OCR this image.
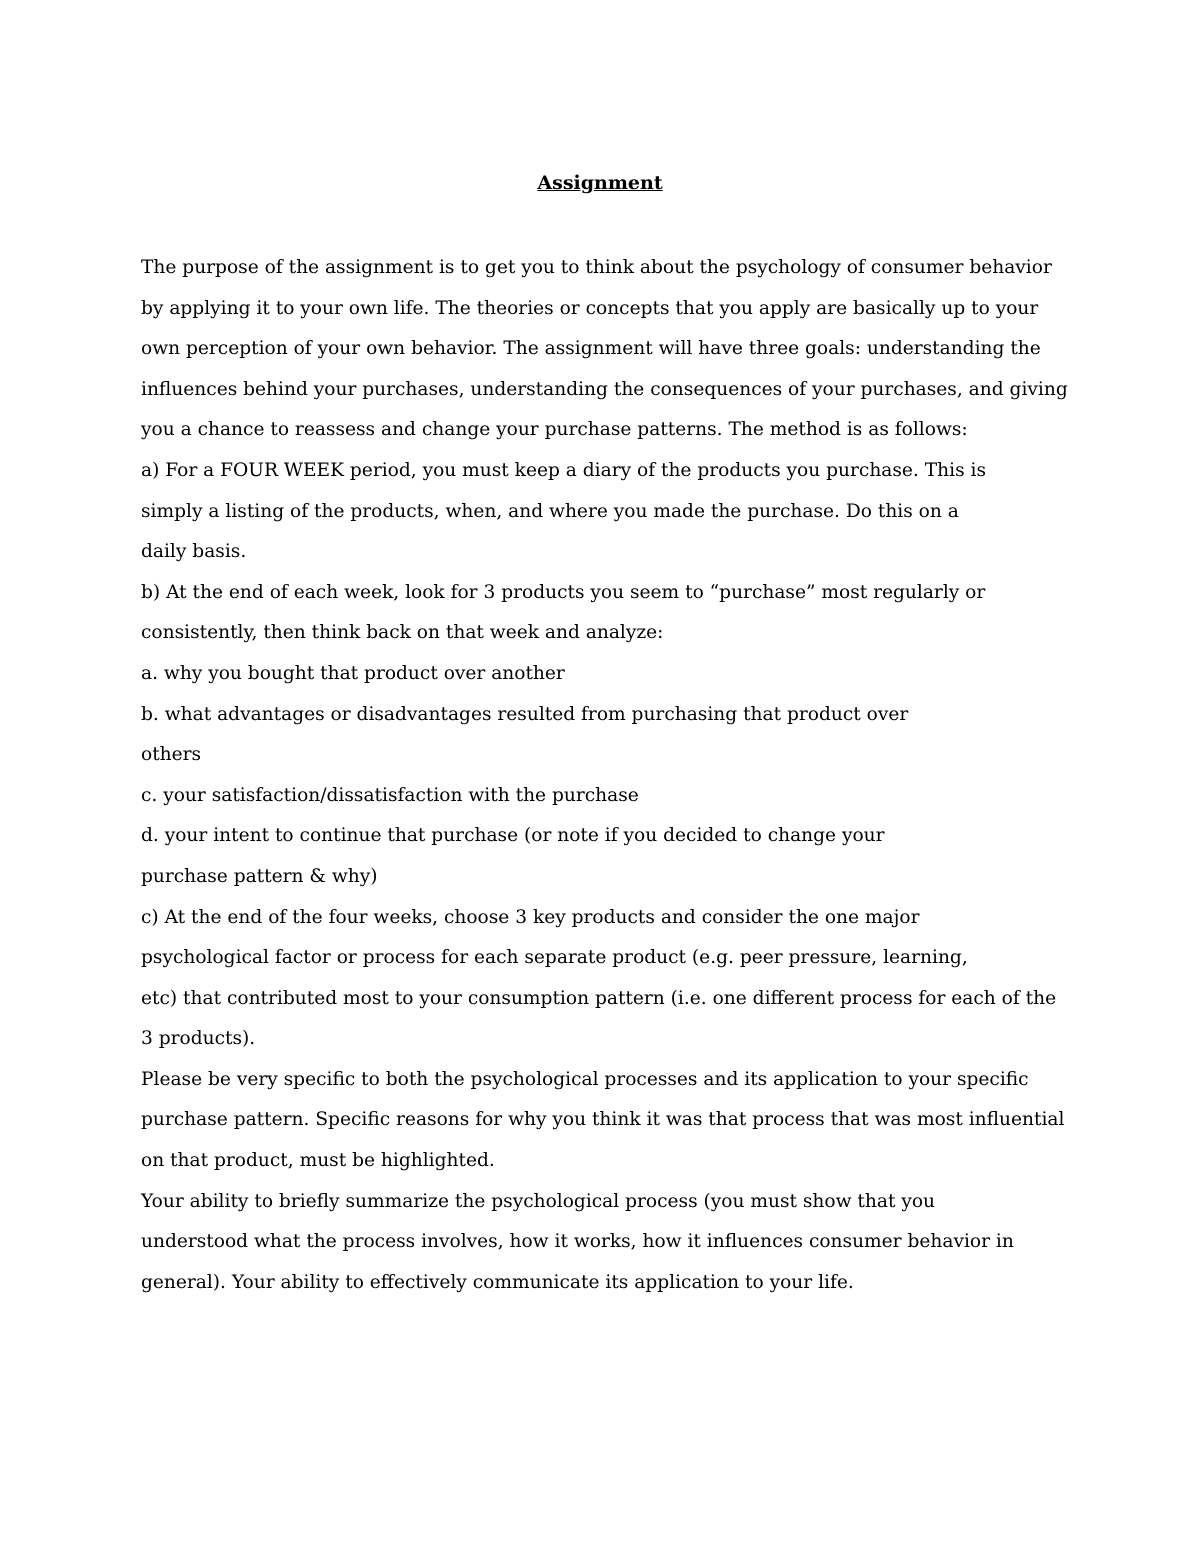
Assignment
The purpose of the assignment is to get you to think about the psychology of consumer behavior
by applying it to your own life. The theories or concepts that you apply are basically up to your
own perception of your own behavior. The assignment will have three goals: understanding the
influences behind your purchases, understanding the consequences of your purchases, and giving
you a chance to reassess and change your purchase patterns. The method is as follows:
a) For a FOUR WEEK period, you must keep a diary of the products you purchase. This is
simply a listing of the products, when, and where you made the purchase. Do this on a
daily basis.
b) At the end of each week, look for 3 products you seem to “purchase” most regularly or
consistently, then think back on that week and analyze:
a. why you bought that product over another
b. what advantages or disadvantages resulted from purchasing that product over
others
c. your satisfaction/dissatisfaction with the purchase
d. your intent to continue that purchase (or note if you decided to change your
purchase pattern & why)
c) At the end of the four weeks, choose 3 key products and consider the one major
psychological factor or process for each separate product (e.g. peer pressure, learning,
etc) that contributed most to your consumption pattern (i.e. one different process for each of the
3 products).
Please be very specific to both the psychological processes and its application to your specific
purchase pattern. Specific reasons for why you think it was that process that was most influential
on that product, must be highlighted.
Your ability to briefly summarize the psychological process (you must show that you
understood what the process involves, how it works, how it influences consumer behavior in
general). Your ability to effectively communicate its application to your life.
